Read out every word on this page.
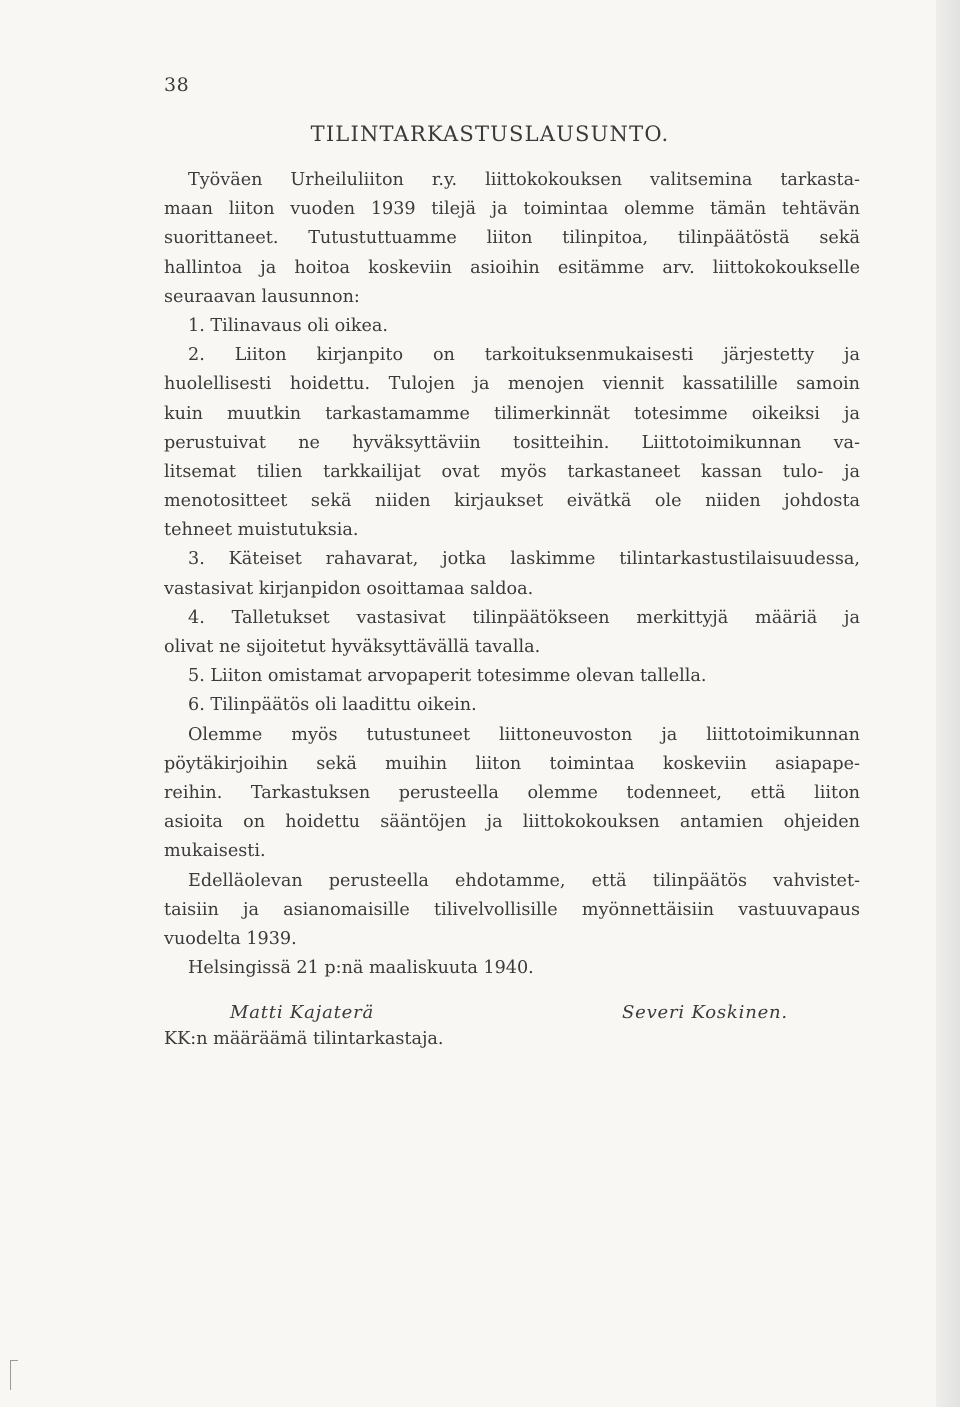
38
TILINTARKASTUSLAUSUNTO.
Työväen Urheiluliiton r.y. liittokokouksen valitsemina tarkasta-
maan liiton vuoden 1939 tilejä ja toimintaa olemme tämän tehtävän
suorittaneet. Tutustuttuamme liiton tilinpitoa, tilinpäätöstä sekä
hallintoa ja hoitoa koskeviin asioihin esitämme arv. liittokokoukselle
seuraavan lausunnon:
1. Tilinavaus oli oikea.
2. Liiton kirjanpito on tarkoituksenmukaisesti järjestetty ja
huolellisesti hoidettu. Tulojen ja menojen viennit kassatilille samoin
kuin muutkin tarkastamamme tilimerkinnät totesimme oikeiksi ja
perustuivat ne hyväksyttäviin tositteihin. Liittotoimikunnan va-
litsemat tilien tarkkailijat ovat myös tarkastaneet kassan tulo- ja
menotositteet sekä niiden kirjaukset eivätkä ole niiden johdosta
tehneet muistutuksia.
3. Käteiset rahavarat, jotka laskimme tilintarkastustilaisuudessa,
vastasivat kirjanpidon osoittamaa saldoa.
4. Talletukset vastasivat tilinpäätökseen merkittyjä määriä ja
olivat ne sijoitetut hyväksyttävällä tavalla.
5. Liiton omistamat arvopaperit totesimme olevan tallella.
6. Tilinpäätös oli laadittu oikein.
Olemme myös tutustuneet liittoneuvoston ja liittotoimikunnan
pöytäkirjoihin sekä muihin liiton toimintaa koskeviin asiapape-
reihin. Tarkastuksen perusteella olemme todenneet, että liiton
asioita on hoidettu sääntöjen ja liittokokouksen antamien ohjeiden
mukaisesti.
Edelläolevan perusteella ehdotamme, että tilinpäätös vahvistet-
taisiin ja asianomaisille tilivelvollisille myönnettäisiin vastuuvapaus
vuodelta 1939.
Helsingissä 21 p:nä maaliskuuta 1940.
Matti Kajaterä	Severi Koskinen.
KK:n määräämä tilintarkastaja.
